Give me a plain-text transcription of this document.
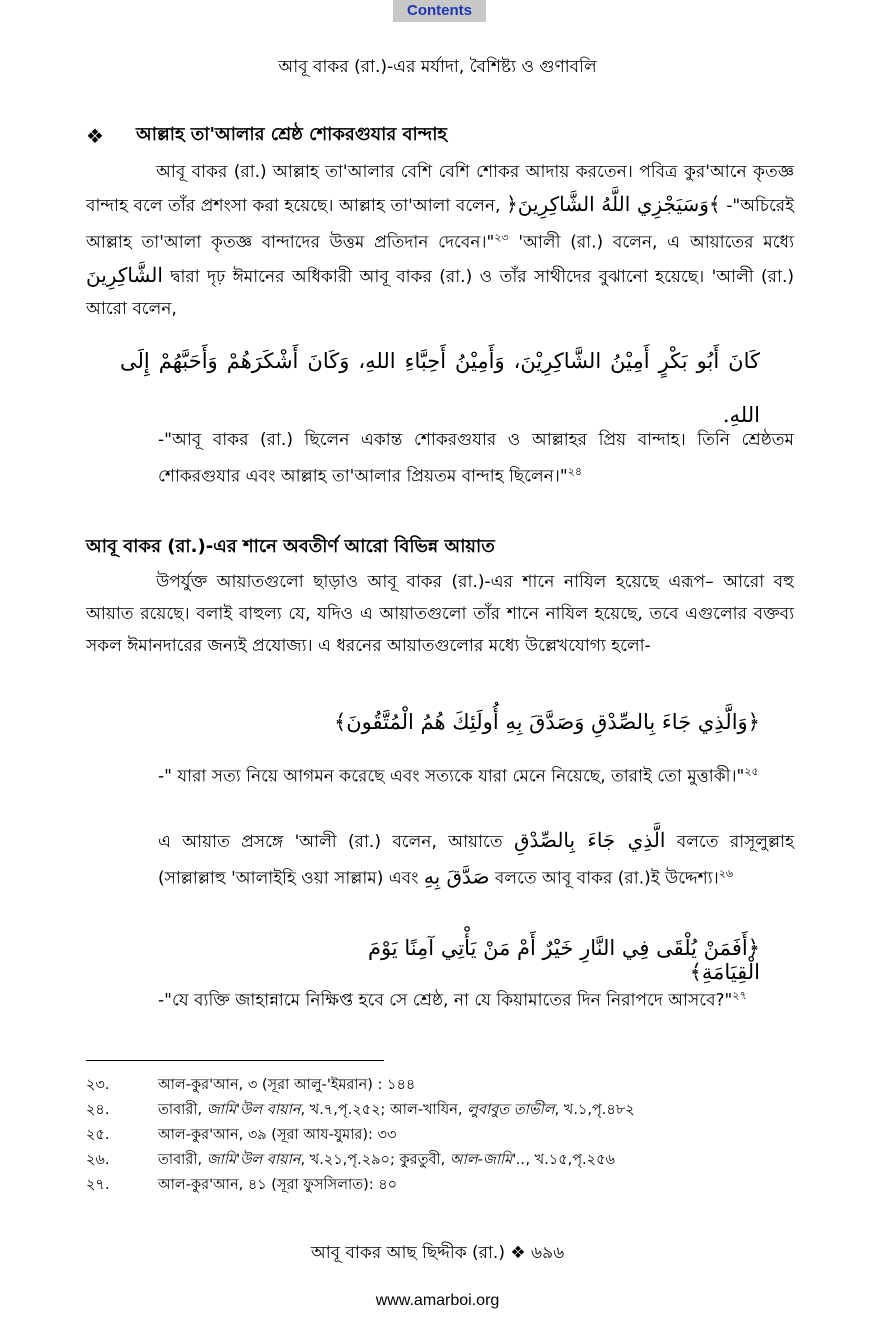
Contents
আবূ বাকর (রা.)-এর মর্যাদা, বৈশিষ্ট্য ও গুণাবলি
❖	আল্লাহ তা'আলার শ্রেষ্ঠ শোকরগুযার বান্দাহ
আবূ বাকর (রা.) আল্লাহ তা'আলার বেশি বেশি শোকর আদায় করতেন। পবিত্র কুর'আনে কৃতজ্ঞ বান্দাহ বলে তাঁর প্রশংসা করা হয়েছে। আল্লাহ তা'আলা বলেন, ﴿وَسَيَجْزِي اللَّهُ الشَّاكِرِينَ﴾ -"অচিরেই আল্লাহ তা'আলা কৃতজ্ঞ বান্দাদের উত্তম প্রতিদান দেবেন।"$^{২৩}$ 'আলী (রা.) বলেন, এ আয়াতের মধ্যে الشَّاكِرِينَ দ্বারা দৃঢ় ঈমানের অধিকারী আবূ বাকর (রা.) ও তাঁর সাথীদের বুঝানো হয়েছে। 'আলী (রা.) আরো বলেন,
كَانَ أَبُو بَكْرٍ أَمِيْنُ الشَّاكِرِيْنَ، وَأَمِيْنُ أَحِبَّاءِ اللهِ، وَكَانَ أَشْكَرَهُمْ وَأَحَبَّهُمْ إِلَى اللهِ.
-"আবূ বাকর (রা.) ছিলেন একান্ত শোকরগুযার ও আল্লাহর প্রিয় বান্দাহ। তিনি শ্রেষ্ঠতম শোকরগুযার এবং আল্লাহ তা'আলার প্রিয়তম বান্দাহ ছিলেন।"$^{২৪}$
আবূ বাকর (রা.)-এর শানে অবতীর্ণ আরো বিভিন্ন আয়াত
উপর্যুক্ত আয়াতগুলো ছাড়াও আবূ বাকর (রা.)-এর শানে নাযিল হয়েছে এরূপ– আরো বহু আয়াত রয়েছে। বলাই বাহুল্য যে, যদিও এ আয়াতগুলো তাঁর শানে নাযিল হয়েছে, তবে এগুলোর বক্তব্য সকল ঈমানদারের জন্যই প্রযোজ্য। এ ধরনের আয়াতগুলোর মধ্যে উল্লেখযোগ্য হলো-
﴿وَالَّذِي جَاءَ بِالصِّدْقِ وَصَدَّقَ بِهِ أُولَئِكَ هُمُ الْمُتَّقُونَ﴾
-" যারা সত্য নিয়ে আগমন করেছে এবং সত্যকে যারা মেনে নিয়েছে, তারাই তো মুত্তাকী।"$^{২৫}$
এ আয়াত প্রসঙ্গে 'আলী (রা.) বলেন, আয়াতে الَّذِي جَاءَ بِالصِّدْقِ বলতে রাসূলুল্লাহ (সাল্লাল্লাহু 'আলাইহি ওয়া সাল্লাম) এবং صَدَّقَ بِهِ বলতে আবূ বাকর (রা.)ই উদ্দেশ্য।$^{২৬}$
﴿أَفَمَنْ يُلْقَى فِي النَّارِ خَيْرٌ أَمْ مَنْ يَأْتِي آمِنًا يَوْمَ الْقِيَامَةِ﴾
-"যে ব্যক্তি জাহান্নামে নিক্ষিপ্ত হবে সে শ্রেষ্ঠ, না যে কিয়ামাতের দিন নিরাপদে আসবে?"$^{২৭}$
২৩.	আল-কুর'আন, ৩ (সূরা আলু-'ইমরান) : ১৪৪
২৪.	তাবারী, জামি'উল বায়ান, খ.৭,পৃ.২৫২; আল-খাযিন, লুবাবুত তাভীল, খ.১,পৃ.৪৮২
২৫.	আল-কুর'আন, ৩৯ (সূরা আয-যুমার): ৩৩
২৬.	তাবারী, জামি'উল বায়ান, খ.২১,পৃ.২৯০; কুরতুবী, আল-জামি'.., খ.১৫,পৃ.২৫৬
২৭.	আল-কুর'আন, ৪১ (সূরা ফুসসিলাত): ৪০
আবূ বাকর আছ ছিদ্দীক (রা.) ❖ ৬৯৬
www.amarboi.org
